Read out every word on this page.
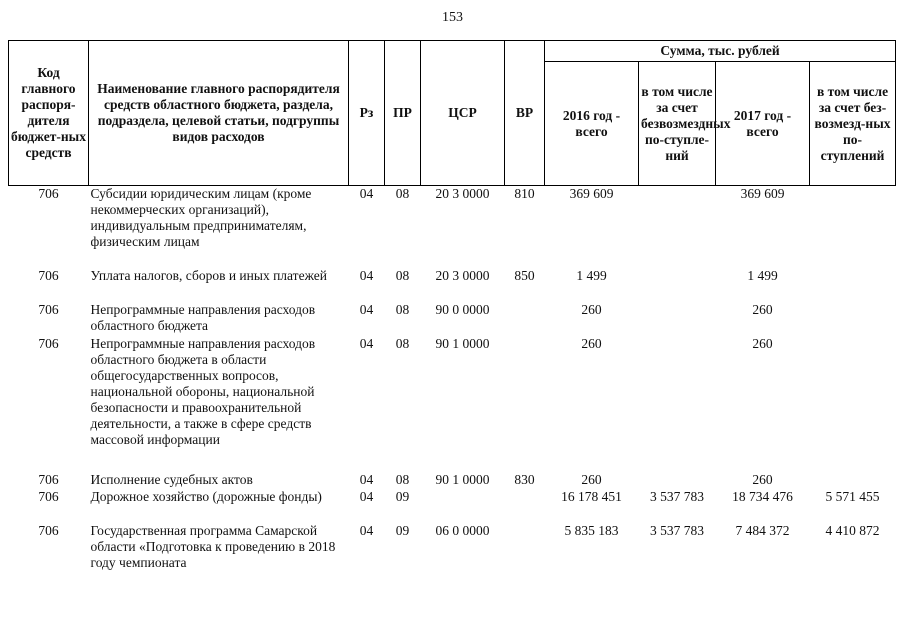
153
Код главного распоря-дителя бюджет-ных средств	Наименование главного распорядителя средств областного бюджета, раздела, подраздела, целевой статьи, подгруппы видов расходов	Рз	ПР	ЦСР	ВР	Сумма, тыс. рублей			
						2016 год - всего	в том числе за счет безвозмездных по-ступле-ний	2017 год - всего	в том числе за счет без-возмезд-ных по-ступлений
706	Субсидии юридическим лицам (кроме некоммерческих организаций), индивидуальным предпринимателям, физическим лицам	04	08	20 3 0000	810	369 609		369 609	
706	Уплата налогов, сборов и иных платежей	04	08	20 3 0000	850	1 499		1 499	
706	Непрограммные направления расходов областного бюджета	04	08	90 0 0000		260		260	
706	Непрограммные направления расходов областного бюджета в области общегосударственных вопросов, национальной обороны, национальной безопасности и правоохранительной деятельности, а также в сфере средств массовой информации	04	08	90 1 0000		260		260	
706	Исполнение судебных актов	04	08	90 1 0000	830	260		260	
706	Дорожное хозяйство (дорожные фонды)	04	09			16 178 451	3 537 783	18 734 476	5 571 455
706	Государственная программа Самарской области «Подготовка к проведению в 2018 году чемпионата	04	09	06 0 0000		5 835 183	3 537 783	7 484 372	4 410 872
